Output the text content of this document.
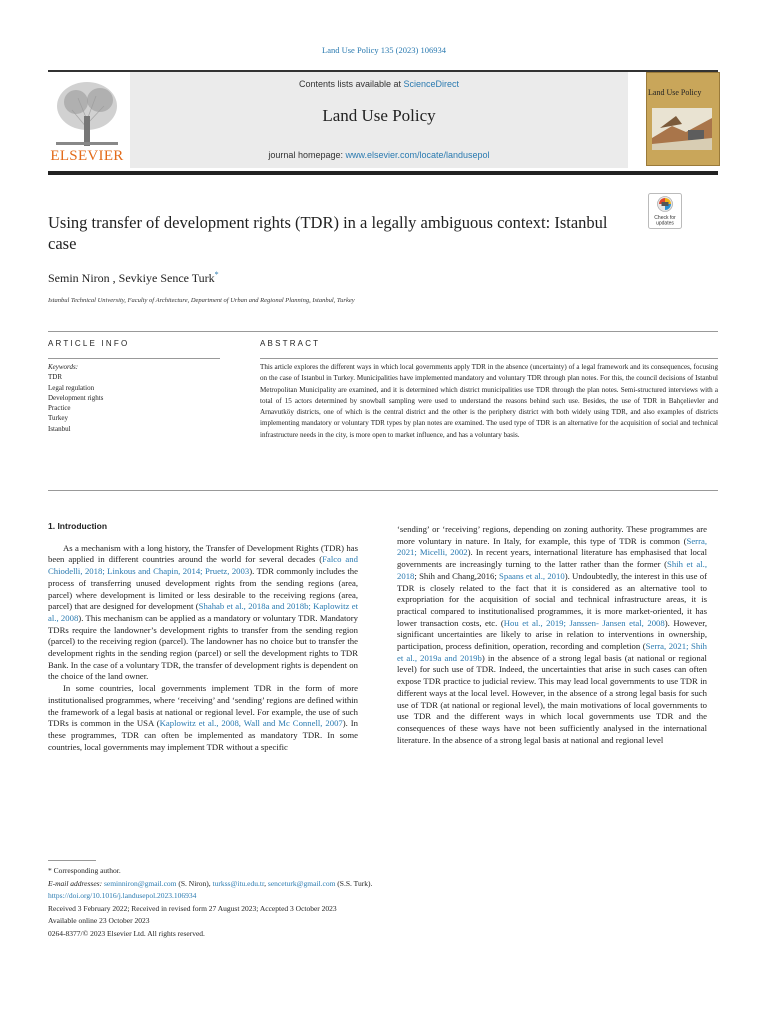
Land Use Policy 135 (2023) 106934
ELSEVIER
Contents lists available at ScienceDirect
Land Use Policy
journal homepage: www.elsevier.com/locate/landusepol
Land Use Policy
Check for
updates
Using transfer of development rights (TDR) in a legally ambiguous context: Istanbul case
Semin Niron , Sevkiye Sence Turk*
Istanbul Technical University, Faculty of Architecture, Department of Urban and Regional Planning, Istanbul, Turkey
ARTICLE INFO	ABSTRACT
Keywords:
TDR
Legal regulation
Development rights
Practice
Turkey
Istanbul
This article explores the different ways in which local governments apply TDR in the absence (uncertainty) of a legal framework and its consequences, focusing on the case of Istanbul in Turkey. Municipalities have implemented mandatory and voluntary TDR through plan notes. For this, the council decisions of Istanbul Metropolitan Municipality are examined, and it is determined which district municipalities use TDR through the plan notes. Semi-structured interviews with a total of 15 actors determined by snowball sampling were used to understand the reasons behind such use. Besides, the use of TDR in Bahçelievler and Arnavutköy districts, one of which is the central district and the other is the periphery district with both widely using TDR, and also examples of districts implementing mandatory or voluntary TDR types by plan notes are examined. The used type of TDR is an alternative for the acquisition of social and technical infrastructure needs in the city, is more open to market influence, and has a voluntary basis.

1. Introduction

As a mechanism with a long history, the Transfer of Development Rights (TDR) has been applied in different countries around the world for several decades (Falco and Chiodelli, 2018; Linkous and Chapin, 2014; Pruetz, 2003). TDR commonly includes the process of transferring unused development rights from the sending regions (area, parcel) where development is limited or less desirable to the receiving regions (area, parcel) that are designed for development (Shahab et al., 2018a and 2018b; Kaplowitz et al., 2008). This mechanism can be applied as a mandatory or voluntary TDR. Mandatory TDRs require the landowner’s development rights to transfer from the sending region (parcel) to the receiving region (parcel). The landowner has no choice but to transfer the development rights in the sending region (parcel) or sell the development rights to TDR Bank. In the case of a voluntary TDR, the transfer of development rights is dependent on the choice of the land owner.

In some countries, local governments implement TDR in the form of more institutionalised programmes, where ‘receiving’ and ‘sending’ regions are defined within the framework of a legal basis at national or regional level. For example, the use of such TDRs is common in the USA (Kaplowitz et al., 2008, Wall and Mc Connell, 2007). In these programmes, TDR can often be implemented as mandatory TDR. In some countries, local governments may implement TDR without a specific

‘sending’ or ‘receiving’ regions, depending on zoning authority. These programmes are more voluntary in nature. In Italy, for example, this type of TDR is common (Serra, 2021; Micelli, 2002). In recent years, international literature has emphasised that local governments are increasingly turning to the latter rather than the former (Shih et al., 2018; Shih and Chang,2016; Spaans et al., 2010). Undoubtedly, the interest in this use of TDR is closely related to the fact that it is considered as an alternative tool to expropriation for the acquisition of social and technical infrastructure areas, it is practical compared to institutionalised programmes, it is more market-oriented, it has lower transaction costs, etc. (Hou et al., 2019; Janssen- Jansen etal, 2008). However, significant uncertainties are likely to arise in relation to interventions in ownership, participation, process definition, operation, recording and completion (Serra, 2021; Shih et al., 2019a and 2019b) in the absence of a strong legal basis (at national or regional level) for such use of TDR. Indeed, the uncertainties that arise in such cases can often expose TDR practice to judicial review. This may lead local governments to use TDR in different ways at the local level. However, in the absence of a strong legal basis for such use of TDR (at national or regional level), the main motivations of local governments to use TDR and the different ways in which local governments use TDR and the consequences of these ways have not been sufficiently analysed in the international literature. In the absence of a strong legal basis at national and regional level

* Corresponding author.
E-mail addresses: seminniron@gmail.com (S. Niron), turkss@itu.edu.tr, senceturk@gmail.com (S.S. Turk).
https://doi.org/10.1016/j.landusepol.2023.106934
Received 3 February 2022; Received in revised form 27 August 2023; Accepted 3 October 2023
Available online 23 October 2023
0264-8377/© 2023 Elsevier Ltd. All rights reserved.
